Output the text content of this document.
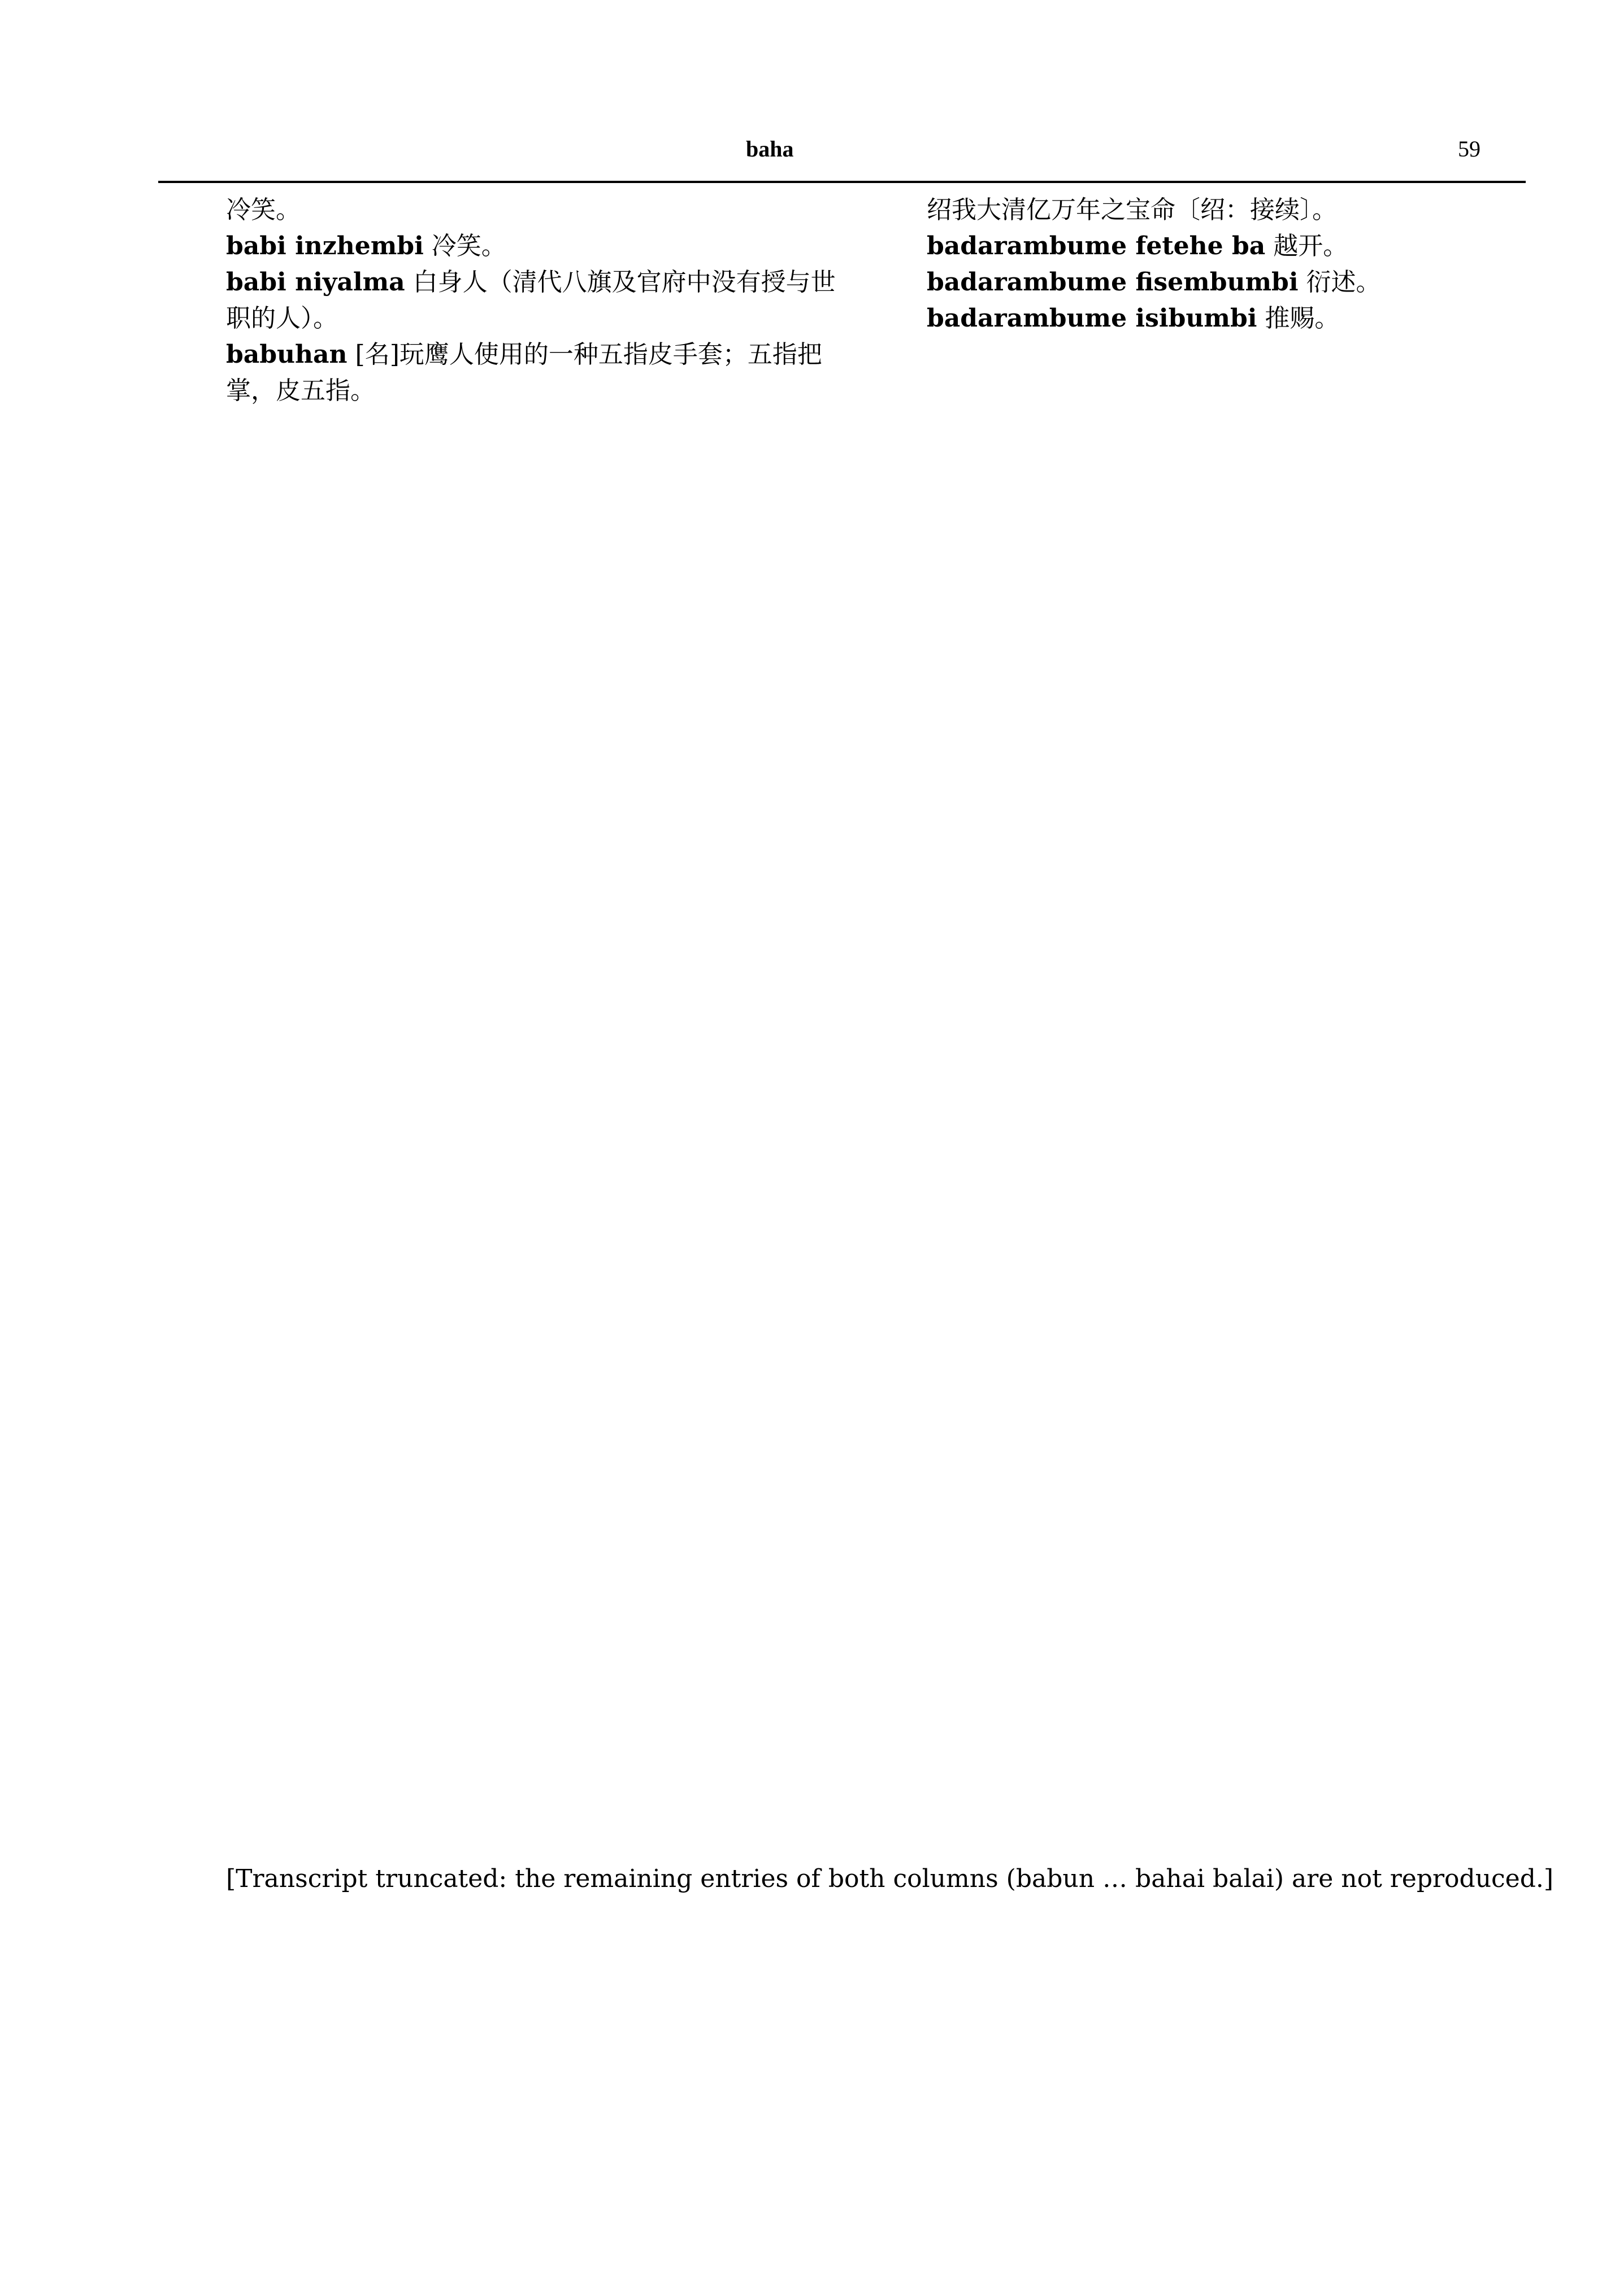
baha	59
冷笑。
babi inzhembi 冷笑。
babi niyalma 白身人（清代八旗及官府中没有授与世职的人）。
babuhan [名]玩鹰人使用的一种五指皮手套；五指把掌，皮五指。
绍我大清亿万年之宝命〔绍：接续〕。
badarambume fetehe ba 越开。
badarambume fisembumbi 衍述。
badarambume isibumbi 推赐。
[Transcript truncated: the remaining entries of both columns (babun … bahai balai) are not reproduced.]
